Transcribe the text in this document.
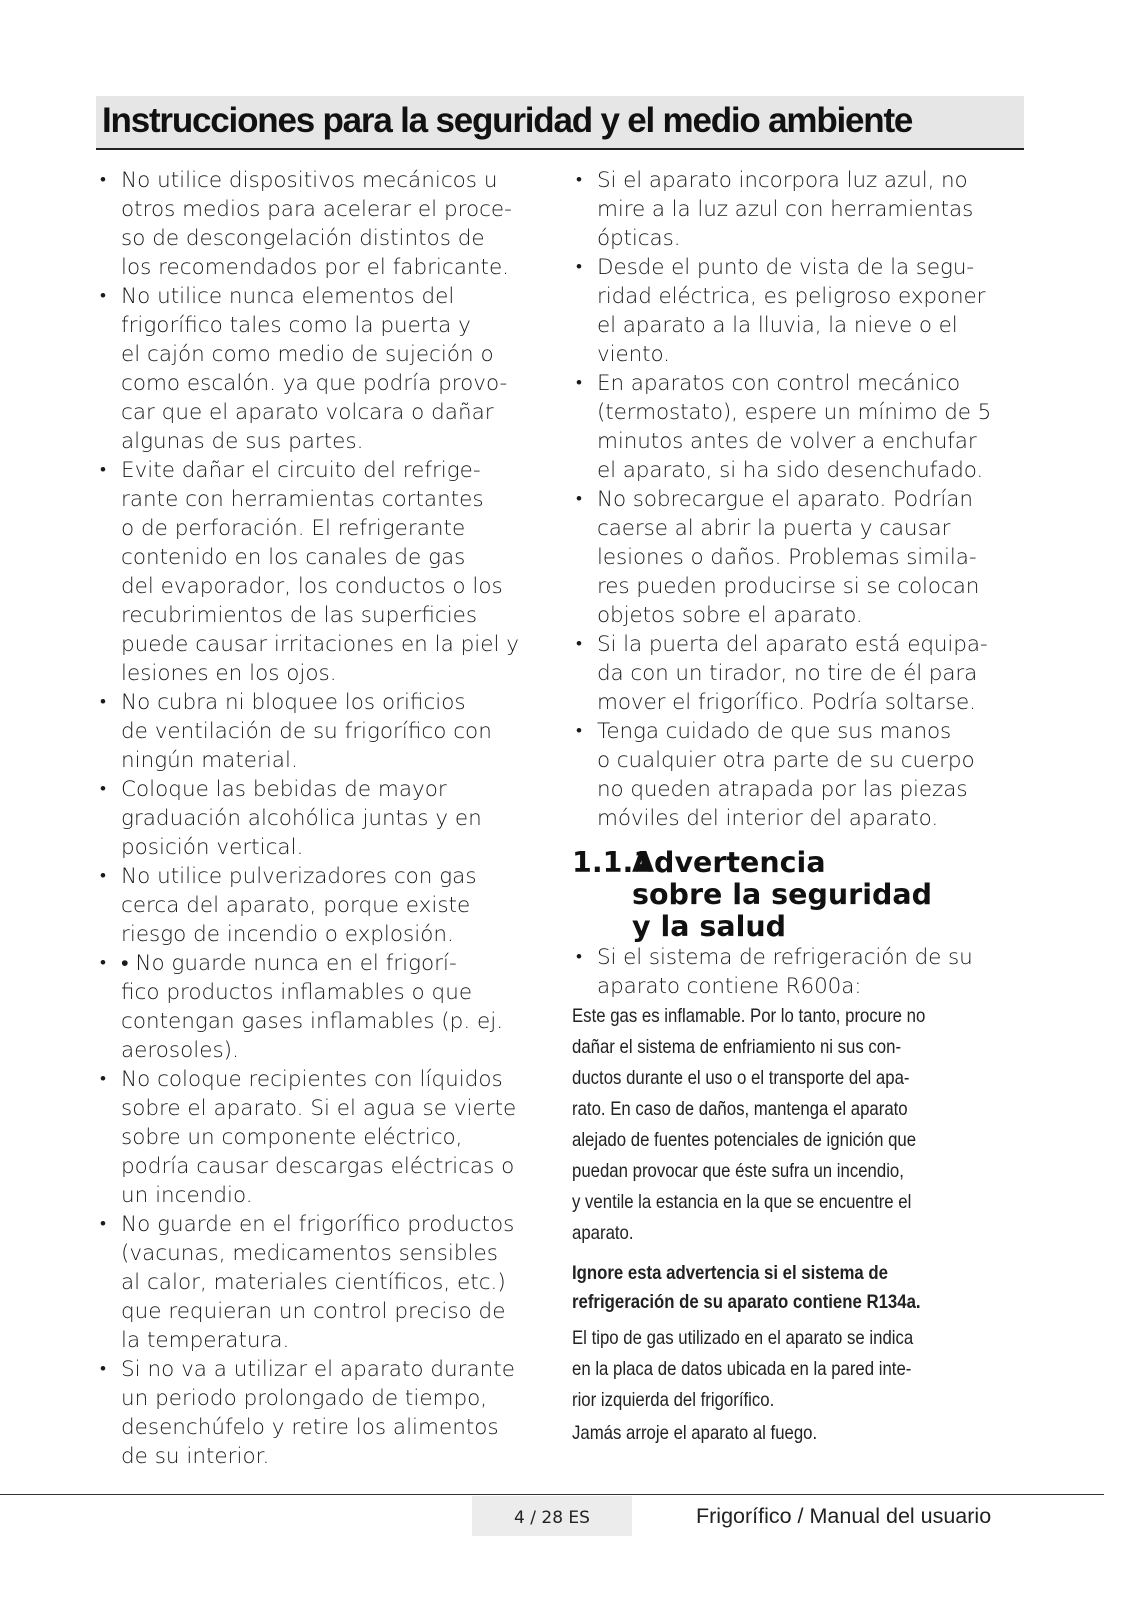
Instrucciones para la seguridad y el medio ambiente
• No utilice dispositivos mecánicos u
otros medios para acelerar el proce-
so de descongelación distintos de
los recomendados por el fabricante.
• No utilice nunca elementos del
frigorífico tales como la puerta y
el cajón como medio de sujeción o
como escalón. ya que podría provo-
car que el aparato volcara o dañar
algunas de sus partes.
• Evite dañar el circuito del refrige-
rante con herramientas cortantes
o de perforación. El refrigerante
contenido en los canales de gas
del evaporador, los conductos o los
recubrimientos de las superficies
puede causar irritaciones en la piel y
lesiones en los ojos.
• No cubra ni bloquee los orificios
de ventilación de su frigorífico con
ningún material.
• Coloque las bebidas de mayor
graduación alcohólica juntas y en
posición vertical.
• No utilice pulverizadores con gas
cerca del aparato, porque existe
riesgo de incendio o explosión.
• • No guarde nunca en el frigorí-
fico productos inflamables o que
contengan gases inflamables (p. ej.
aerosoles).
• No coloque recipientes con líquidos
sobre el aparato. Si el agua se vierte
sobre un componente eléctrico,
podría causar descargas eléctricas o
un incendio.
• No guarde en el frigorífico productos
(vacunas, medicamentos sensibles
al calor, materiales científicos, etc.)
que requieran un control preciso de
la temperatura.
• Si no va a utilizar el aparato durante
un periodo prolongado de tiempo,
desenchúfelo y retire los alimentos
de su interior.
• Si el aparato incorpora luz azul, no
mire a la luz azul con herramientas
ópticas.
• Desde el punto de vista de la segu-
ridad eléctrica, es peligroso exponer
el aparato a la lluvia, la nieve o el
viento.
• En aparatos con control mecánico
(termostato), espere un mínimo de 5
minutos antes de volver a enchufar
el aparato, si ha sido desenchufado.
• No sobrecargue el aparato. Podrían
caerse al abrir la puerta y causar
lesiones o daños. Problemas simila-
res pueden producirse si se colocan
objetos sobre el aparato.
• Si la puerta del aparato está equipa-
da con un tirador, no tire de él para
mover el frigorífico. Podría soltarse.
• Tenga cuidado de que sus manos
o cualquier otra parte de su cuerpo
no queden atrapada por las piezas
móviles del interior del aparato.
1.1.1Advertencia
sobre la seguridad
y la salud
• Si el sistema de refrigeración de su
aparato contiene R600a:

Este gas es inflamable. Por lo tanto, procure no
dañar el sistema de enfriamiento ni sus con-
ductos durante el uso o el transporte del apa-
rato. En caso de daños, mantenga el aparato
alejado de fuentes potenciales de ignición que
puedan provocar que éste sufra un incendio,
y ventile la estancia en la que se encuentre el
aparato.

Ignore esta advertencia si el sistema de
refrigeración de su aparato contiene R134a.

El tipo de gas utilizado en el aparato se indica
en la placa de datos ubicada en la pared inte-
rior izquierda del frigorífico.

Jamás arroje el aparato al fuego.

4 / 28 ES	Frigorífico / Manual del usuario
